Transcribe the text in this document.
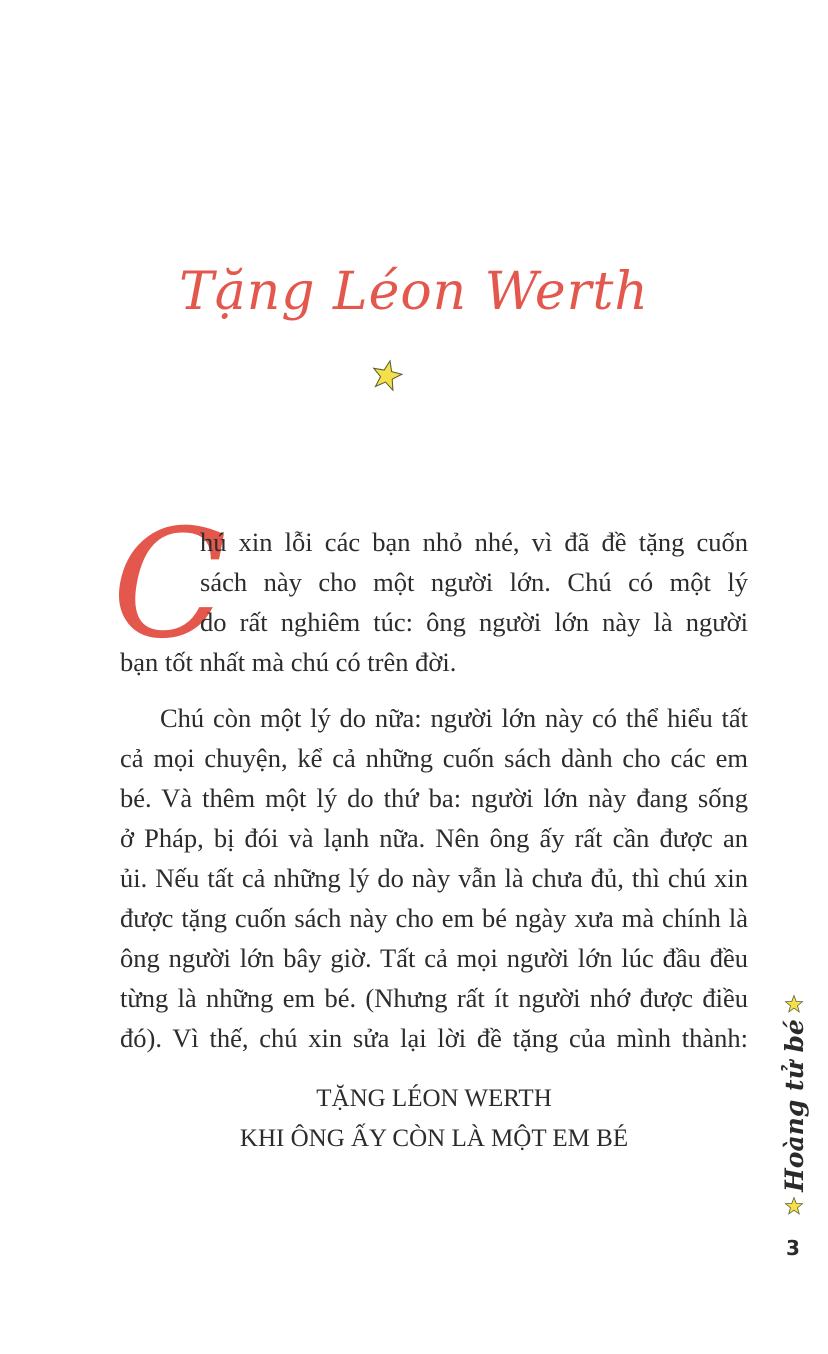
Tặng Léon Werth
C
hú xin lỗi các bạn nhỏ nhé, vì đã đề tặng cuốn
sách này cho một người lớn. Chú có một lý
do rất nghiêm túc: ông người lớn này là người
bạn tốt nhất mà chú có trên đời.
Chú còn một lý do nữa: người lớn này có thể hiểu tất
cả mọi chuyện, kể cả những cuốn sách dành cho các em
bé. Và thêm một lý do thứ ba: người lớn này đang sống
ở Pháp, bị đói và lạnh nữa. Nên ông ấy rất cần được an
ủi. Nếu tất cả những lý do này vẫn là chưa đủ, thì chú xin
được tặng cuốn sách này cho em bé ngày xưa mà chính là
ông người lớn bây giờ. Tất cả mọi người lớn lúc đầu đều
từng là những em bé. (Nhưng rất ít người nhớ được điều
đó). Vì thế, chú xin sửa lại lời đề tặng của mình thành:
TẶNG LÉON WERTH
KHI ÔNG ẤY CÒN LÀ MỘT EM BÉ	Hoàng tử bé
3
